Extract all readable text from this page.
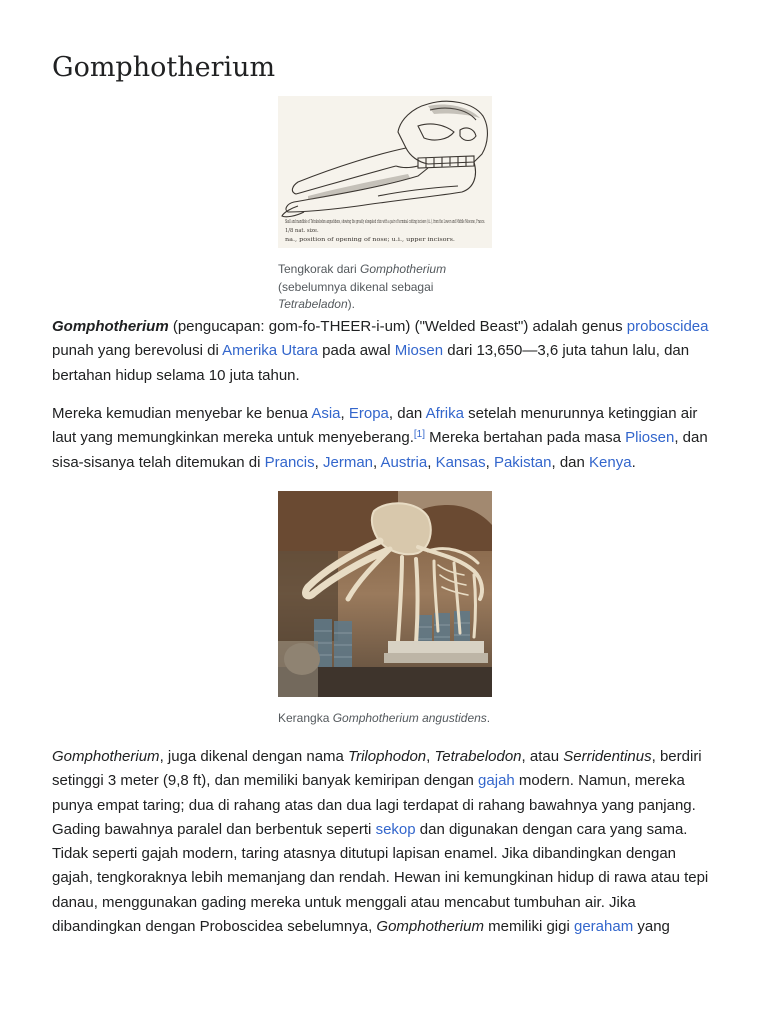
Gomphotherium
Skull and mandible of Tetrabelodon angustidens, showing the greatly elongated chin with a pair of terminal cutting incisors (i.i.), from the Lower and Middle Miocene, France.
1/8 nat. size.
na., position of opening of nose; u.i., upper incisors.
Tengkorak dari Gomphotherium (sebelumnya dikenal sebagai Tetrabeladon).

Gomphotherium (pengucapan: gom-fo-THEER-i-um) ("Welded Beast") adalah genus proboscidea punah yang berevolusi di Amerika Utara pada awal Miosen dari 13,650—3,6 juta tahun lalu, dan bertahan hidup selama 10 juta tahun.

Mereka kemudian menyebar ke benua Asia, Eropa, dan Afrika setelah menurunnya ketinggian air laut yang memungkinkan mereka untuk menyeberang.[1] Mereka bertahan pada masa Pliosen, dan sisa-sisanya telah ditemukan di Prancis, Jerman, Austria, Kansas, Pakistan, dan Kenya.

Kerangka Gomphotherium angustidens.

Gomphotherium, juga dikenal dengan nama Trilophodon, Tetrabelodon, atau Serridentinus, berdiri setinggi 3 meter (9,8 ft), dan memiliki banyak kemiripan dengan gajah modern. Namun, mereka punya empat taring; dua di rahang atas dan dua lagi terdapat di rahang bawahnya yang panjang. Gading bawahnya paralel dan berbentuk seperti sekop dan digunakan dengan cara yang sama. Tidak seperti gajah modern, taring atasnya ditutupi lapisan enamel. Jika dibandingkan dengan gajah, tengkoraknya lebih memanjang dan rendah. Hewan ini kemungkinan hidup di rawa atau tepi danau, menggunakan gading mereka untuk menggali atau mencabut tumbuhan air. Jika dibandingkan dengan Proboscidea sebelumnya, Gomphotherium memiliki gigi geraham yang
